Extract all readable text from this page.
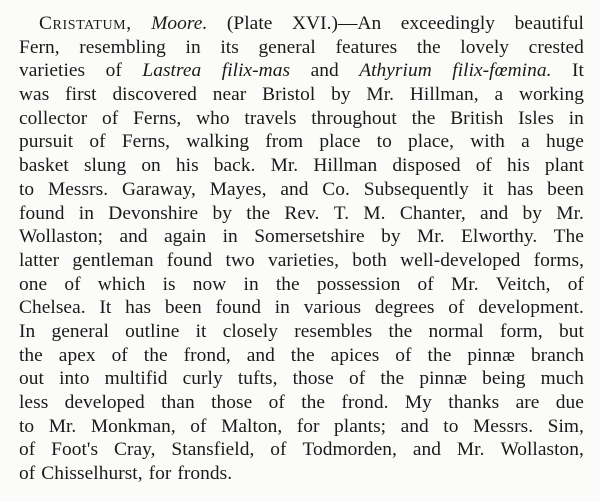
Cristatum, Moore. (Plate XVI.)—An exceedingly beautiful
Fern, resembling in its general features the lovely crested
varieties of Lastrea filix-mas and Athyrium filix-fœmina. It
was first discovered near Bristol by Mr. Hillman, a working
collector of Ferns, who travels throughout the British Isles in
pursuit of Ferns, walking from place to place, with a huge
basket slung on his back. Mr. Hillman disposed of his plant
to Messrs. Garaway, Mayes, and Co. Subsequently it has been
found in Devonshire by the Rev. T. M. Chanter, and by Mr.
Wollaston; and again in Somersetshire by Mr. Elworthy. The
latter gentleman found two varieties, both well-developed forms,
one of which is now in the possession of Mr. Veitch, of
Chelsea. It has been found in various degrees of development.
In general outline it closely resembles the normal form, but
the apex of the frond, and the apices of the pinnæ branch
out into multifid curly tufts, those of the pinnæ being much
less developed than those of the frond. My thanks are due
to Mr. Monkman, of Malton, for plants; and to Messrs. Sim,
of Foot's Cray, Stansfield, of Todmorden, and Mr. Wollaston,
of Chisselhurst, for fronds.
